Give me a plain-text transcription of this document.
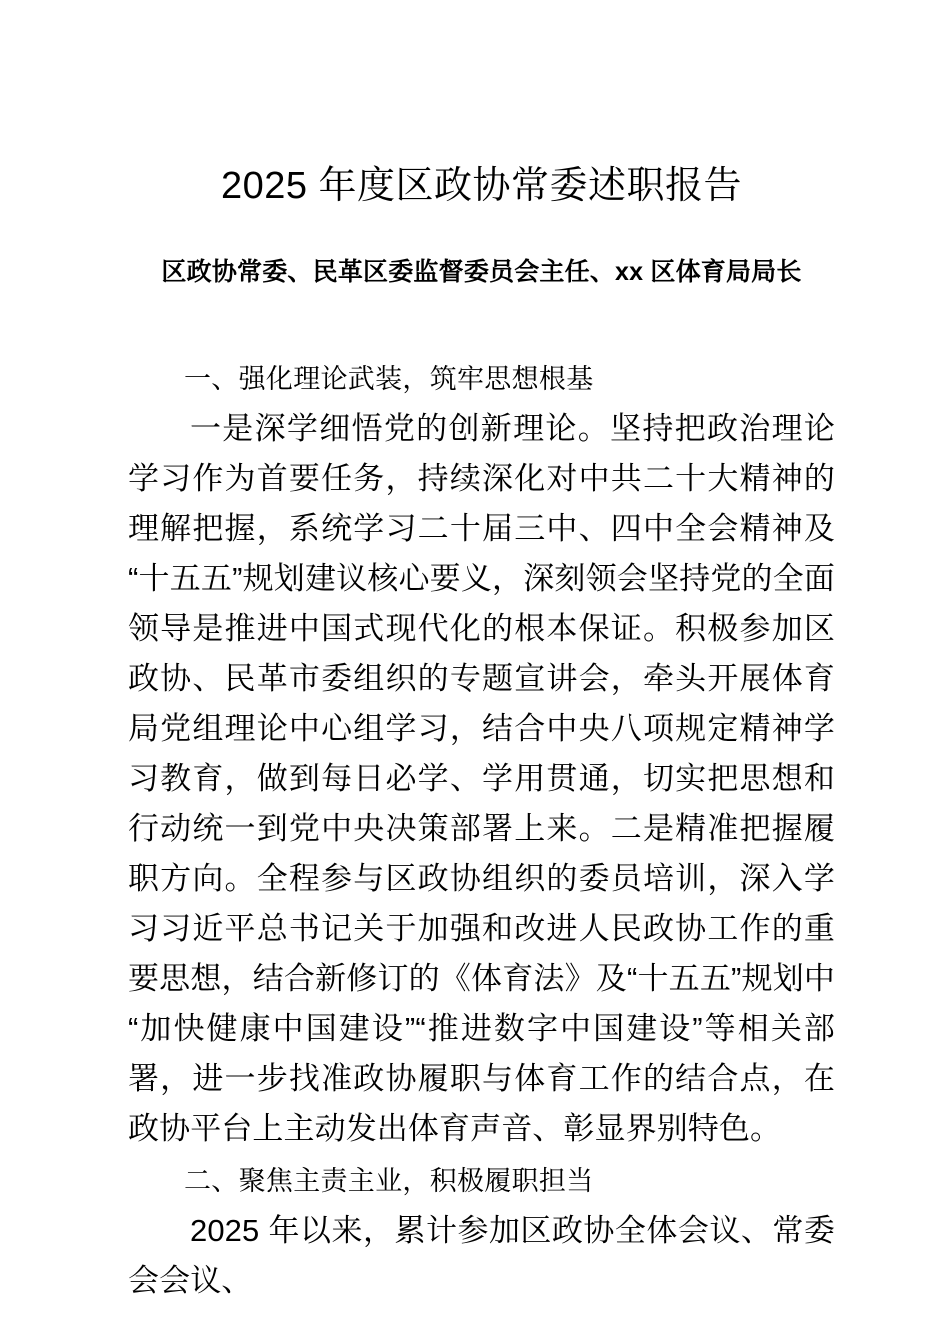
2025 年度区政协常委述职报告
区政协常委、民革区委监督委员会主任、xx 区体育局局长
一、强化理论武装，筑牢思想根基

一是深学细悟党的创新理论。坚持把政治理论学习作为首要任务，持续深化对中共二十大精神的理解把握，系统学习二十届三中、四中全会精神及“十五五”规划建议核心要义，深刻领会坚持党的全面领导是推进中国式现代化的根本保证。积极参加区政协、民革市委组织的专题宣讲会，牵头开展体育局党组理论中心组学习，结合中央八项规定精神学习教育，做到每日必学、学用贯通，切实把思想和行动统一到党中央决策部署上来。二是精准把握履职方向。全程参与区政协组织的委员培训，深入学习习近平总书记关于加强和改进人民政协工作的重要思想，结合新修订的《体育法》及“十五五”规划中“加快健康中国建设”“推进数字中国建设”等相关部署，进一步找准政协履职与体育工作的结合点，在政协平台上主动发出体育声音、彰显界别特色。

二、聚焦主责主业，积极履职担当

2025 年以来，累计参加区政协全体会议、常委会会议、
